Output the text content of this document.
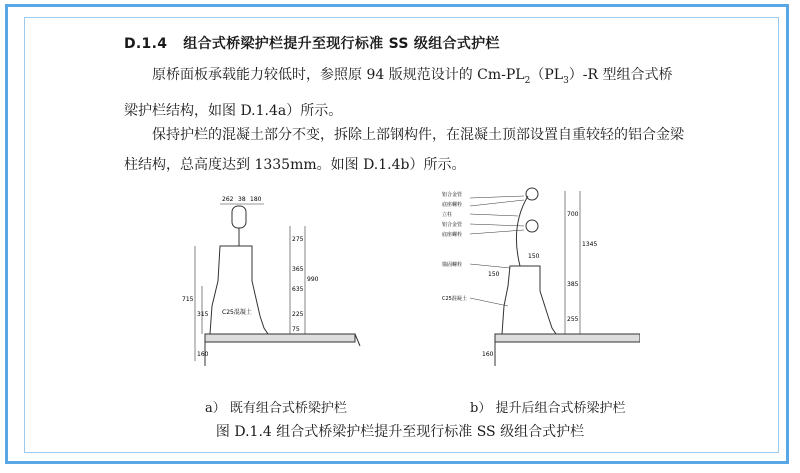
D.1.4 组合式桥梁护栏提升至现行标准 SS 级组合式护栏
原桥面板承载能力较低时，参照原 94 版规范设计的 $Cm-PL_2(PL_3)-R$ 型组合式桥梁护栏结构，如图 D.1.4a）所示。
保持护栏的混凝土部分不变，拆除上部钢构件，在混凝土顶部设置自重较轻的铝合金梁柱结构，总高度达到 1335mm。如图 D.1.4b）所示。
262 38 180
275
365
635
990
225
75
715
315
160
C25混凝土
铝合金管
底座螺栓
立柱
铝合金管
底座螺栓
锚固螺栓
C25混凝土
700
1345
385
255
150
160
150
a） 既有组合式桥梁护栏	b） 提升后组合式桥梁护栏
图 D.1.4 组合式桥梁护栏提升至现行标准 SS 级组合式护栏
